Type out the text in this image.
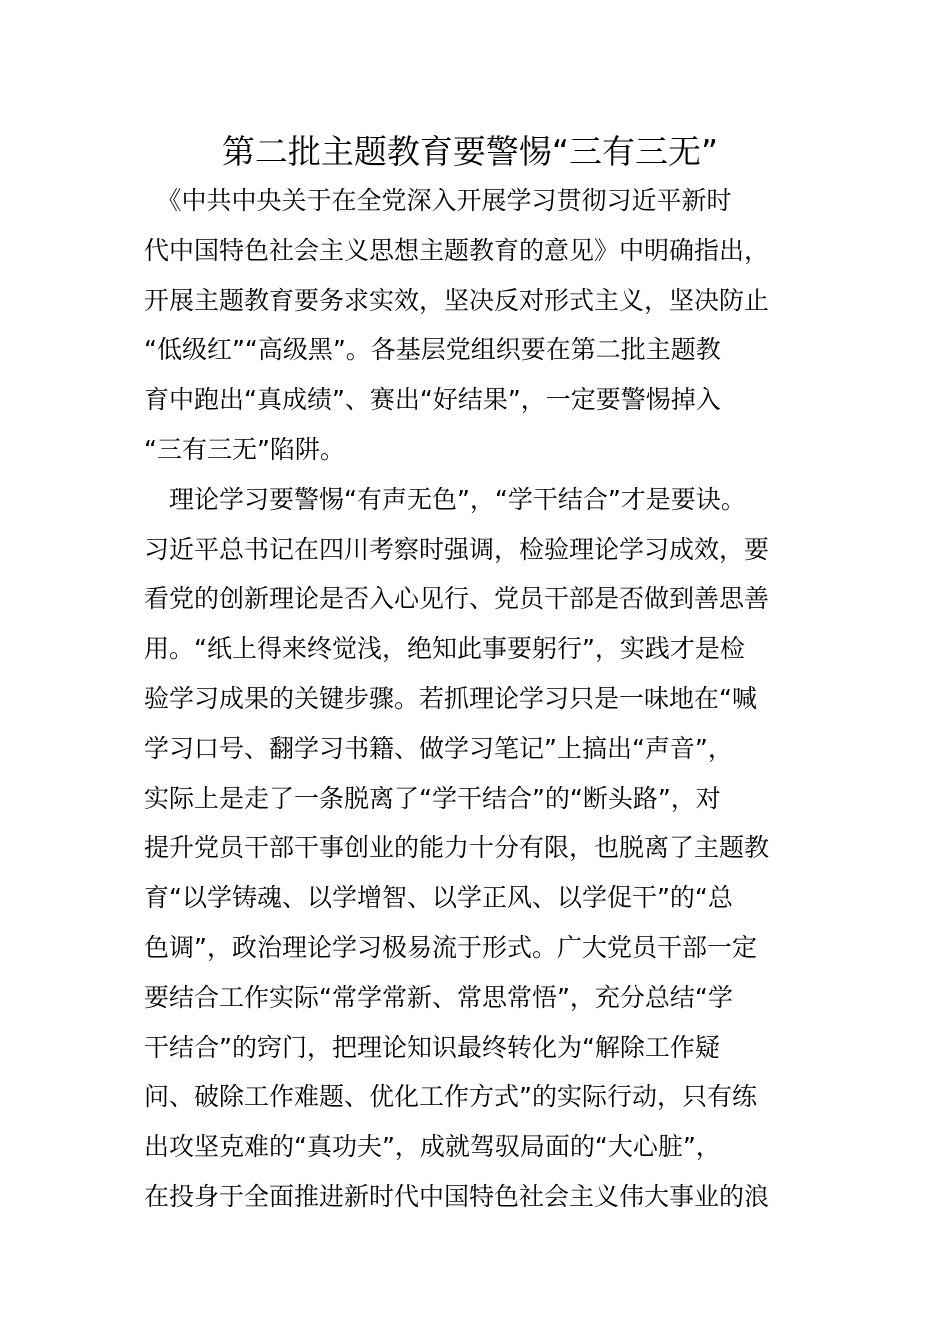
第二批主题教育要警惕“三有三无”
　《中共中央关于在全党深入开展学习贯彻习近平新时
代中国特色社会主义思想主题教育的意见》中明确指出，
开展主题教育要务求实效，坚决反对形式主义，坚决防止
“低级红”“高级黑”。各基层党组织要在第二批主题教
育中跑出“真成绩”、赛出“好结果”，一定要警惕掉入
“三有三无”陷阱。
　理论学习要警惕“有声无色”，“学干结合”才是要诀。
习近平总书记在四川考察时强调，检验理论学习成效，要
看党的创新理论是否入心见行、党员干部是否做到善思善
用。“纸上得来终觉浅，绝知此事要躬行”，实践才是检
验学习成果的关键步骤。若抓理论学习只是一味地在“喊
学习口号、翻学习书籍、做学习笔记”上搞出“声音”，
实际上是走了一条脱离了“学干结合”的“断头路”，对
提升党员干部干事创业的能力十分有限，也脱离了主题教
育“以学铸魂、以学增智、以学正风、以学促干”的“总
色调”，政治理论学习极易流于形式。广大党员干部一定
要结合工作实际“常学常新、常思常悟”，充分总结“学
干结合”的窍门，把理论知识最终转化为“解除工作疑
问、破除工作难题、优化工作方式”的实际行动，只有练
出攻坚克难的“真功夫”，成就驾驭局面的“大心脏”，
在投身于全面推进新时代中国特色社会主义伟大事业的浪
